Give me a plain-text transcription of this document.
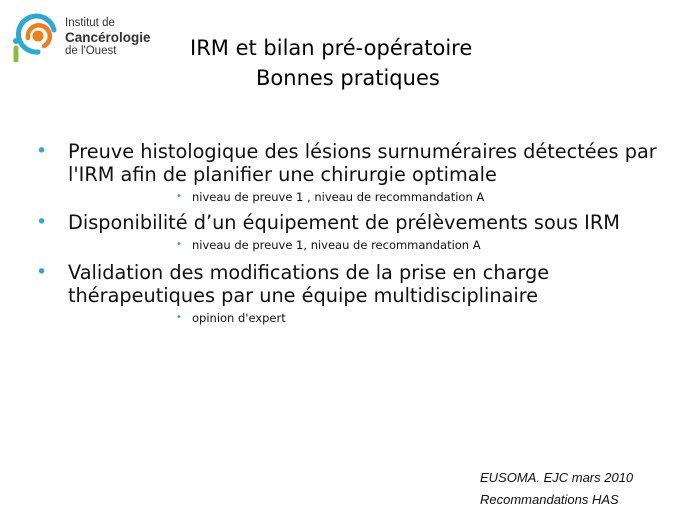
Institut de
Cancérologie
de l'Ouest	IRM et bilan pré-opératoire
Bonnes pratiques
• Preuve histologique des lésions surnuméraires détectées par
l'IRM afin de planifier une chirurgie optimale
• niveau de preuve 1 , niveau de recommandation A
• Disponibilité d’un équipement de prélèvements sous IRM
• niveau de preuve 1, niveau de recommandation A
• Validation des modifications de la prise en charge
thérapeutiques par une équipe multidisciplinaire
• opinion d'expert
EUSOMA. EJC mars 2010
Recommandations HAS
